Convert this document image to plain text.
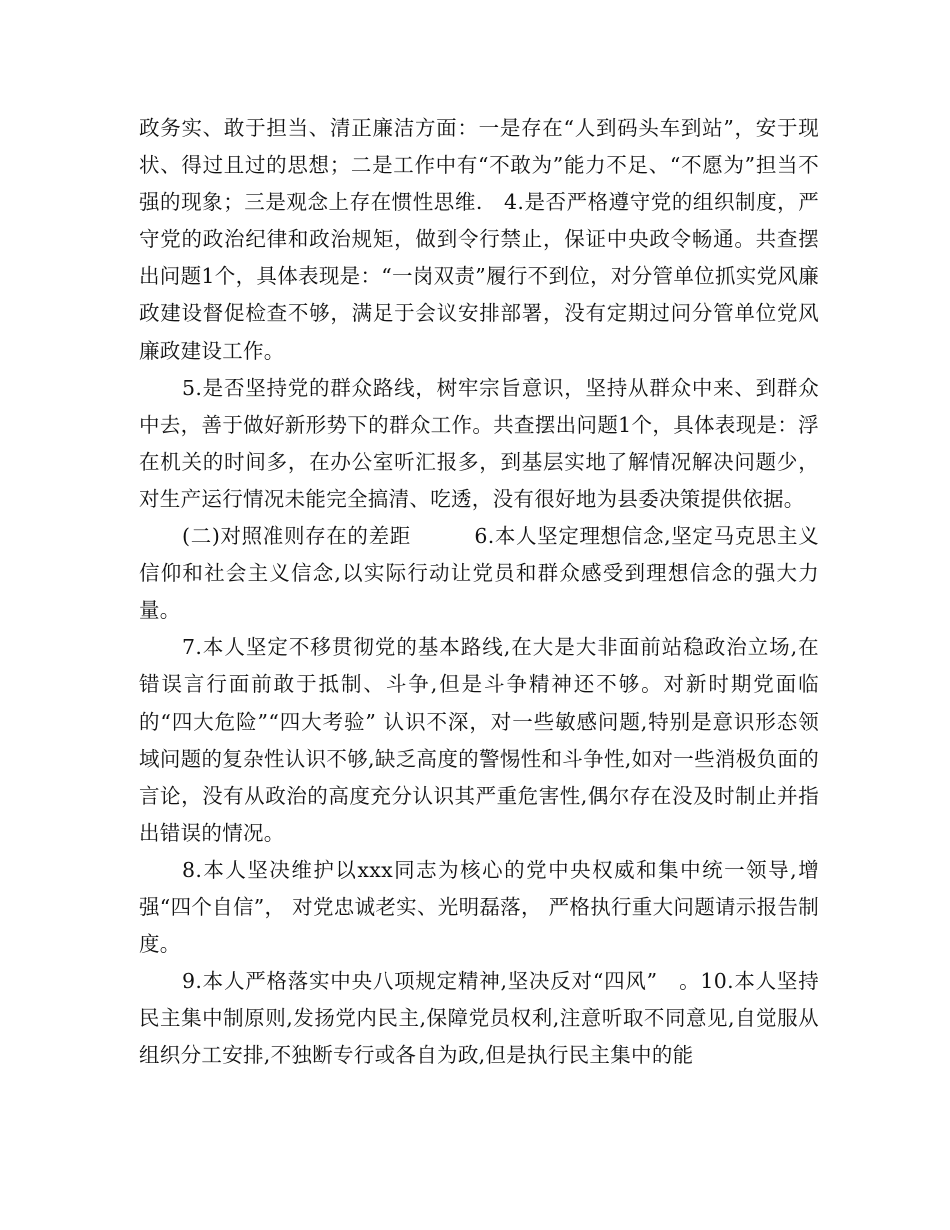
政务实、敢于担当、清正廉洁方面：一是存在“人到码头车到站”，安于现状、得过且过的思想；二是工作中有“不敢为”能力不足、“不愿为”担当不强的现象；三是观念上存在惯性思维.　4.是否严格遵守党的组织制度，严守党的政治纪律和政治规矩，做到令行禁止，保证中央政令畅通。共查摆出问题1个，具体表现是：“一岗双责”履行不到位，对分管单位抓实党风廉政建设督促检查不够，满足于会议安排部署，没有定期过问分管单位党风廉政建设工作。

5.是否坚持党的群众路线，树牢宗旨意识，坚持从群众中来、到群众中去，善于做好新形势下的群众工作。共查摆出问题1个，具体表现是：浮在机关的时间多，在办公室听汇报多，到基层实地了解情况解决问题少，对生产运行情况未能完全搞清、吃透，没有很好地为县委决策提供依据。

(二)对照准则存在的差距　　　6.本人坚定理想信念,坚定马克思主义信仰和社会主义信念,以实际行动让党员和群众感受到理想信念的强大力量。

7.本人坚定不移贯彻党的基本路线,在大是大非面前站稳政治立场,在错误言行面前敢于抵制、斗争,但是斗争精神还不够。对新时期党面临的“四大危险”“四大考验” 认识不深，对一些敏感问题,特别是意识形态领域问题的复杂性认识不够,缺乏高度的警惕性和斗争性,如对一些消极负面的言论，没有从政治的高度充分认识其严重危害性,偶尔存在没及时制止并指出错误的情况。

8.本人坚决维护以xxx同志为核心的党中央权威和集中统一领导,增强“四个自信”， 对党忠诚老实、光明磊落， 严格执行重大问题请示报告制度。

9.本人严格落实中央八项规定精神,坚决反对“四风”　。10.本人坚持民主集中制原则,发扬党内民主,保障党员权利,注意听取不同意见,自觉服从组织分工安排,不独断专行或各自为政,但是执行民主集中的能
